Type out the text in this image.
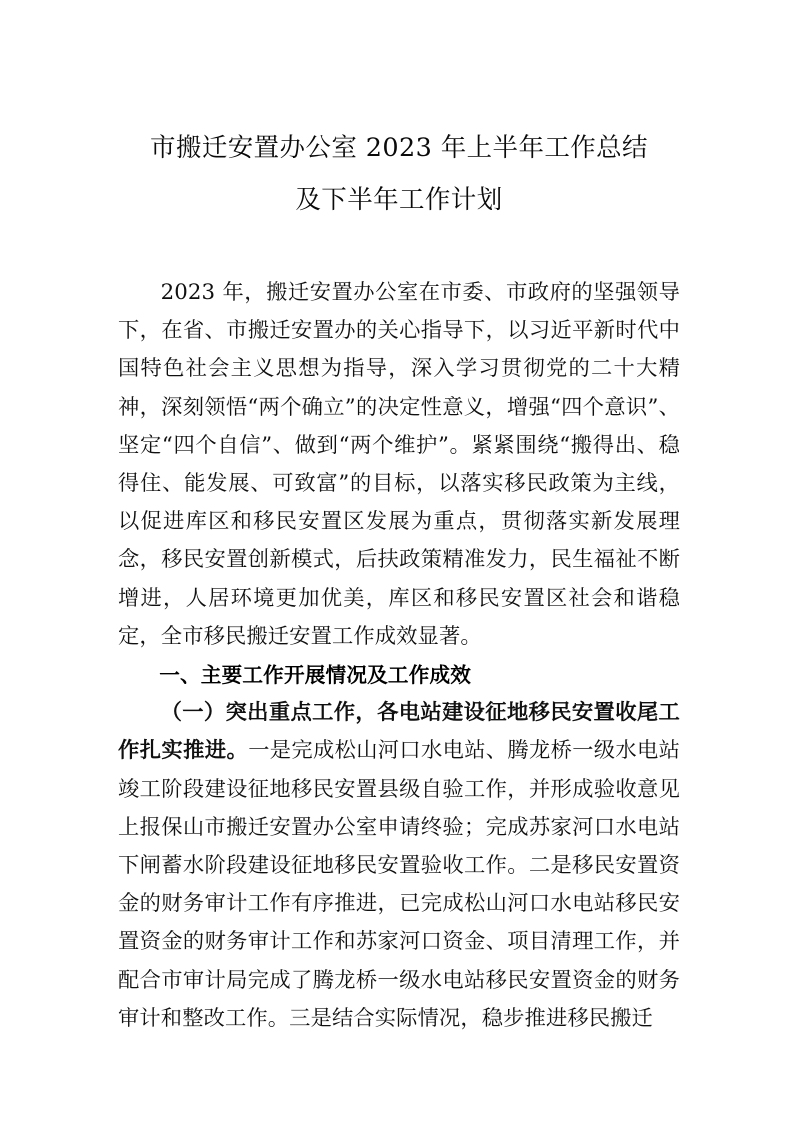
市搬迁安置办公室 2023 年上半年工作总结
及下半年工作计划

2023 年，搬迁安置办公室在市委、市政府的坚强领导下，在省、市搬迁安置办的关心指导下，以习近平新时代中国特色社会主义思想为指导，深入学习贯彻党的二十大精神，深刻领悟“两个确立”的决定性意义，增强“四个意识”、坚定“四个自信”、做到“两个维护”。紧紧围绕“搬得出、稳得住、能发展、可致富”的目标，以落实移民政策为主线，以促进库区和移民安置区发展为重点，贯彻落实新发展理念，移民安置创新模式，后扶政策精准发力，民生福祉不断增进，人居环境更加优美，库区和移民安置区社会和谐稳定，全市移民搬迁安置工作成效显著。

一、主要工作开展情况及工作成效

（一）突出重点工作，各电站建设征地移民安置收尾工作扎实推进。一是完成松山河口水电站、腾龙桥一级水电站竣工阶段建设征地移民安置县级自验工作，并形成验收意见上报保山市搬迁安置办公室申请终验；完成苏家河口水电站下闸蓄水阶段建设征地移民安置验收工作。二是移民安置资金的财务审计工作有序推进，已完成松山河口水电站移民安置资金的财务审计工作和苏家河口资金、项目清理工作，并配合市审计局完成了腾龙桥一级水电站移民安置资金的财务审计和整改工作。三是结合实际情况，稳步推进移民搬迁
